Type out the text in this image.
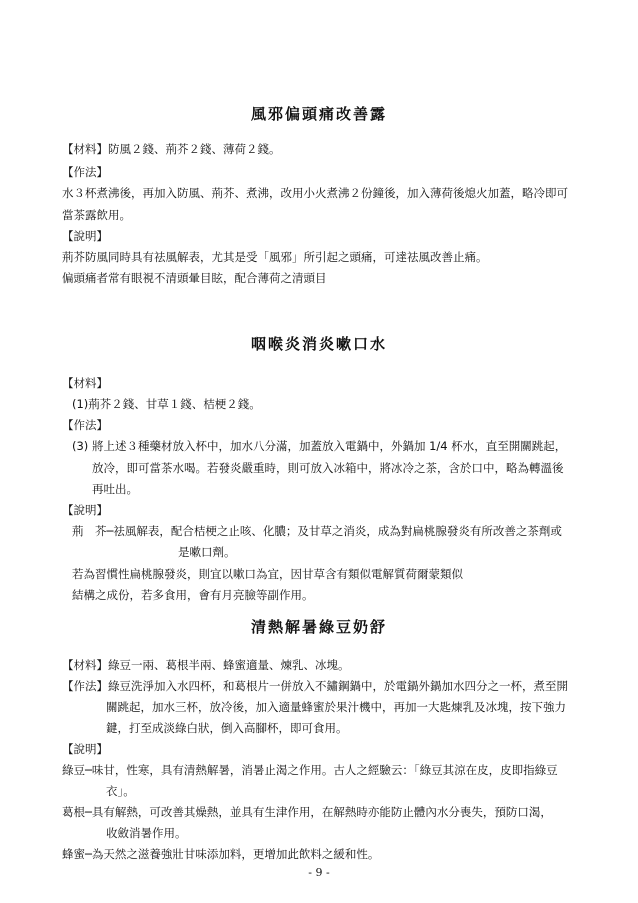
風邪偏頭痛改善露

【材料】防風２錢、荊芥２錢、薄荷２錢。

【作法】

水３杯煮沸後，再加入防風、荊芥、煮沸，改用小火煮沸２份鐘後，加入薄荷後熄火加蓋，略冷即可

當茶露飲用。

【說明】

荊芥防風同時具有祛風解表，尤其是受「風邪」所引起之頭痛，可達祛風改善止痛。

偏頭痛者常有眼視不清頭暈目眩，配合薄荷之清頭目

咽喉炎消炎嗽口水

【材料】

(1)荊芥２錢、甘草１錢、桔梗２錢。

【作法】

(3) 將上述３種藥材放入杯中，加水八分滿，加蓋放入電鍋中，外鍋加 1/4 杯水，直至開關跳起，

放冷，即可當茶水喝。若發炎嚴重時，則可放入冰箱中，將冰冷之茶，含於口中，略為轉溫後

再吐出。

【說明】

荊　芥─祛風解表，配合桔梗之止咳、化膿；及甘草之消炎，成為對扁桃腺發炎有所改善之茶劑或

是嗽口劑。

若為習慣性扁桃腺發炎，則宜以嗽口為宜，因甘草含有類似電解質荷爾蒙類似

結構之成份，若多食用，會有月亮臉等副作用。

清熱解暑綠豆奶舒

【材料】綠豆一兩、葛根半兩、蜂蜜適量、煉乳、冰塊。

【作法】綠豆洗淨加入水四杯，和葛根片一併放入不鏽鋼鍋中，於電鍋外鍋加水四分之一杯，煮至開

關跳起，加水三杯，放冷後，加入適量蜂蜜於果汁機中，再加一大匙煉乳及冰塊，按下強力

鍵，打至成淡綠白狀，倒入高腳杯，即可食用。

【說明】

綠豆─味甘，性寒，具有清熱解暑，消暑止渴之作用。古人之經驗云：「綠豆其涼在皮，皮即指綠豆

衣」。

葛根─具有解熱，可改善其燥熱，並具有生津作用，在解熱時亦能防止體內水分喪失，預防口渴，

收斂消暑作用。

蜂蜜─為天然之滋養強壯甘味添加料，更增加此飲料之緩和性。

- 9 -
